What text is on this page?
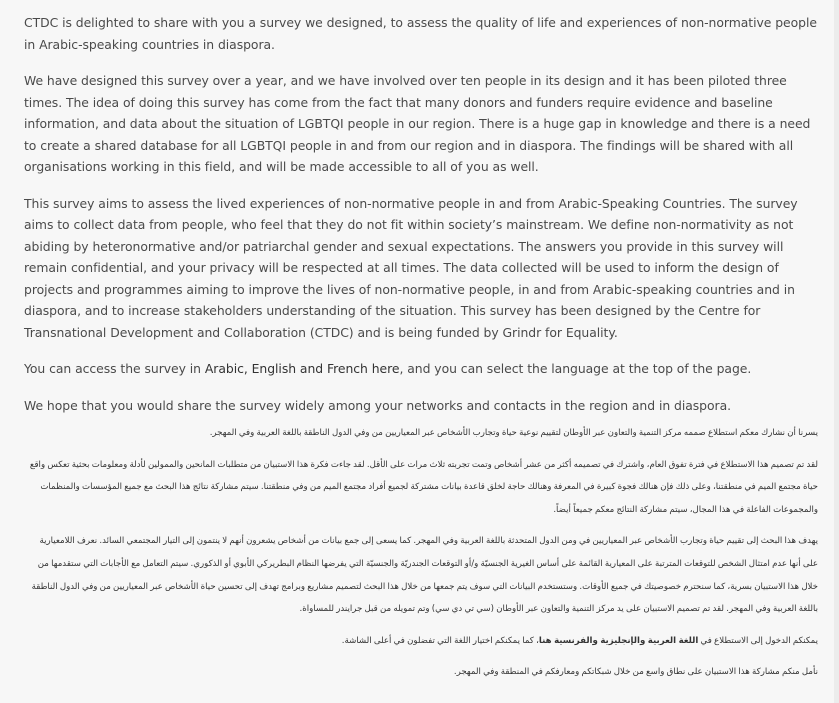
CTDC is delighted to share with you a survey we designed, to assess the quality of life and experiences of non-normative people in Arabic-speaking countries in diaspora.

We have designed this survey over a year, and we have involved over ten people in its design and it has been piloted three times. The idea of doing this survey has come from the fact that many donors and funders require evidence and baseline information, and data about the situation of LGBTQI people in our region. There is a huge gap in knowledge and there is a need to create a shared database for all LGBTQI people in and from our region and in diaspora. The findings will be shared with all organisations working in this field, and will be made accessible to all of you as well.

This survey aims to assess the lived experiences of non-normative people in and from Arabic-Speaking Countries. The survey aims to collect data from people, who feel that they do not fit within society’s mainstream. We define non-normativity as not abiding by heteronormative and/or patriarchal gender and sexual expectations. The answers you provide in this survey will remain confidential, and your privacy will be respected at all times. The data collected will be used to inform the design of projects and programmes aiming to improve the lives of non-normative people, in and from Arabic-speaking countries and in diaspora, and to increase stakeholders understanding of the situation. This survey has been designed by the Centre for Transnational Development and Collaboration (CTDC) and is being funded by Grindr for Equality.

You can access the survey in Arabic, English and French here, and you can select the language at the top of the page.

We hope that you would share the survey widely among your networks and contacts in the region and in diaspora.

يسرنا أن نشارك معكم استطلاع صممه مركز التنمية والتعاون عبر الأوطان لتقييم نوعية حياة وتجارب الأشخاص عبر المعياريين من وفي الدول الناطقة باللغة العربية وفي المهجر.

لقد تم تصميم هذا الاستطلاع في فترة تفوق العام، واشترك في تصميمه أكثر من عشر أشخاص وتمت تجربته ثلاث مرات على الأقل. لقد جاءت فكرة هذا الاستبيان من متطلبات المانحين والممولين لأدلة ومعلومات بحثية تعكس واقع حياة مجتمع الميم في منطقتنا، وعلى ذلك فإن هنالك فجوة كبيرة في المعرفة وهنالك حاجة لخلق قاعدة بيانات مشتركة لجميع أفراد مجتمع الميم من وفي منطقتنا. سيتم مشاركة نتائج هذا البحث مع جميع المؤسسات والمنظمات والمجموعات الفاعلة في هذا المجال، سيتم مشاركة النتائج معكم جميعاً أيضاً.

يهدف هذا البحث إلى تقييم حياة وتجارب الأشخاص عبر المعياريين في ومن الدول المتحدثة باللغة العربية وفي المهجر. كما يسعى إلى جمع بيانات من أشخاص يشعرون أنهم لا ينتمون إلى التيار المجتمعي السائد. نعرف اللامعيارية على أنها عدم امتثال الشخص للتوقعات المترتبة على المعيارية القائمة على أساس الغيرية الجنسيّة و/أو التوقعات الجندريّة والجنسيّة التي يفرضها النظام البطريركي الأبوي أو الذكوري. سيتم التعامل مع الأجابات التي ستقدمها من خلال هذا الاستبيان بسرية، كما سنحترم خصوصيتك في جميع الأوقات. وستستخدم البيانات التي سوف يتم جمعها من خلال هذا البحث لتصميم مشاريع وبرامج تهدف إلى تحسين حياة الأشخاص عبر المعياريين من وفي الدول الناطقة باللغة العربية وفي المهجر. لقد تم تصميم الاستبيان على يد مركز التنمية والتعاون عبر الأوطان (سي تي دي سي) وتم تمويله من قبل جرايندر للمساواة.

يمكنكم الدخول إلى الاستطلاع في اللغة العربية والإنجليزية والفرنسية هنا، كما يمكنكم اختيار اللغة التي تفضلون في أعلى الشاشة.

نأمل منكم مشاركة هذا الاستبيان على نطاق واسع من خلال شبكاتكم ومعارفكم في المنطقة وفي المهجر.
